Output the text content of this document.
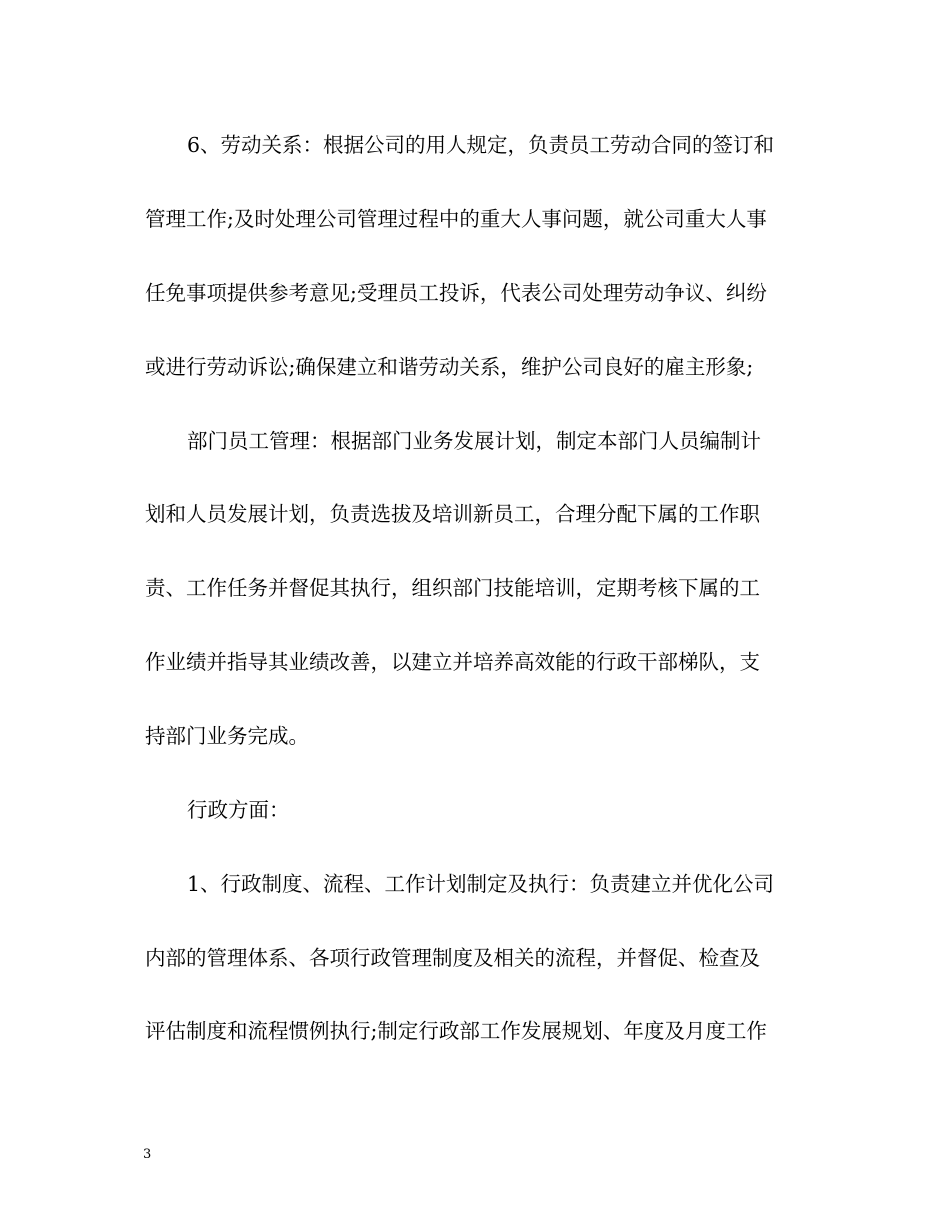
6、劳动关系：根据公司的用人规定，负责员工劳动合同的签订和
管理工作;及时处理公司管理过程中的重大人事问题，就公司重大人事
任免事项提供参考意见;受理员工投诉，代表公司处理劳动争议、纠纷
或进行劳动诉讼;确保建立和谐劳动关系，维护公司良好的雇主形象;
部门员工管理：根据部门业务发展计划，制定本部门人员编制计
划和人员发展计划，负责选拔及培训新员工，合理分配下属的工作职
责、工作任务并督促其执行，组织部门技能培训，定期考核下属的工
作业绩并指导其业绩改善，以建立并培养高效能的行政干部梯队，支
持部门业务完成。
行政方面：
1、行政制度、流程、工作计划制定及执行：负责建立并优化公司
内部的管理体系、各项行政管理制度及相关的流程，并督促、检查及
评估制度和流程惯例执行;制定行政部工作发展规划、年度及月度工作
3
